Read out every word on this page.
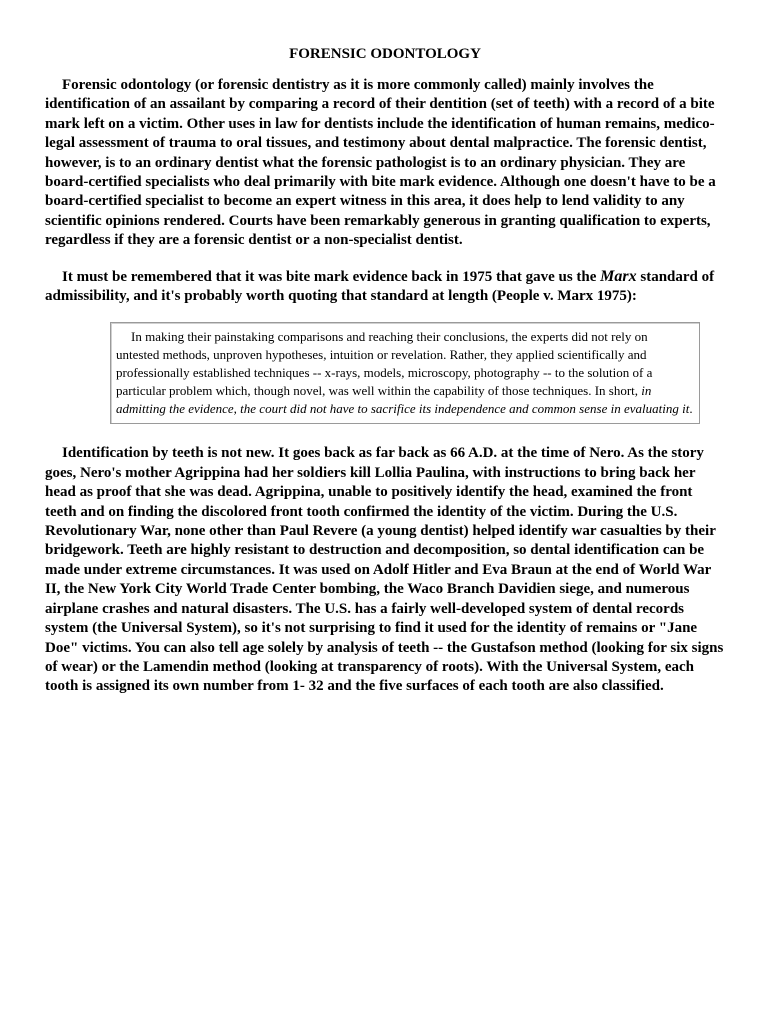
FORENSIC ODONTOLOGY

Forensic odontology (or forensic dentistry as it is more commonly called) mainly involves the identification of an assailant by comparing a record of their dentition (set of teeth) with a record of a bite mark left on a victim. Other uses in law for dentists include the identification of human remains, medico-legal assessment of trauma to oral tissues, and testimony about dental malpractice. The forensic dentist, however, is to an ordinary dentist what the forensic pathologist is to an ordinary physician. They are board-certified specialists who deal primarily with bite mark evidence. Although one doesn't have to be a board-certified specialist to become an expert witness in this area, it does help to lend validity to any scientific opinions rendered. Courts have been remarkably generous in granting qualification to experts, regardless if they are a forensic dentist or a non-specialist dentist.

It must be remembered that it was bite mark evidence back in 1975 that gave us the Marx standard of admissibility, and it's probably worth quoting that standard at length (People v. Marx 1975):

In making their painstaking comparisons and reaching their conclusions, the experts did not rely on untested methods, unproven hypotheses, intuition or revelation. Rather, they applied scientifically and professionally established techniques -- x-rays, models, microscopy, photography -- to the solution of a particular problem which, though novel, was well within the capability of those techniques. In short, in admitting the evidence, the court did not have to sacrifice its independence and common sense in evaluating it.

Identification by teeth is not new. It goes back as far back as 66 A.D. at the time of Nero. As the story goes, Nero's mother Agrippina had her soldiers kill Lollia Paulina, with instructions to bring back her head as proof that she was dead. Agrippina, unable to positively identify the head, examined the front teeth and on finding the discolored front tooth confirmed the identity of the victim. During the U.S. Revolutionary War, none other than Paul Revere (a young dentist) helped identify war casualties by their bridgework. Teeth are highly resistant to destruction and decomposition, so dental identification can be made under extreme circumstances. It was used on Adolf Hitler and Eva Braun at the end of World War II, the New York City World Trade Center bombing, the Waco Branch Davidien siege, and numerous airplane crashes and natural disasters. The U.S. has a fairly well-developed system of dental records system (the Universal System), so it's not surprising to find it used for the identity of remains or "Jane Doe" victims. You can also tell age solely by analysis of teeth -- the Gustafson method (looking for six signs of wear) or the Lamendin method (looking at transparency of roots). With the Universal System, each tooth is assigned its own number from 1- 32 and the five surfaces of each tooth are also classified.
